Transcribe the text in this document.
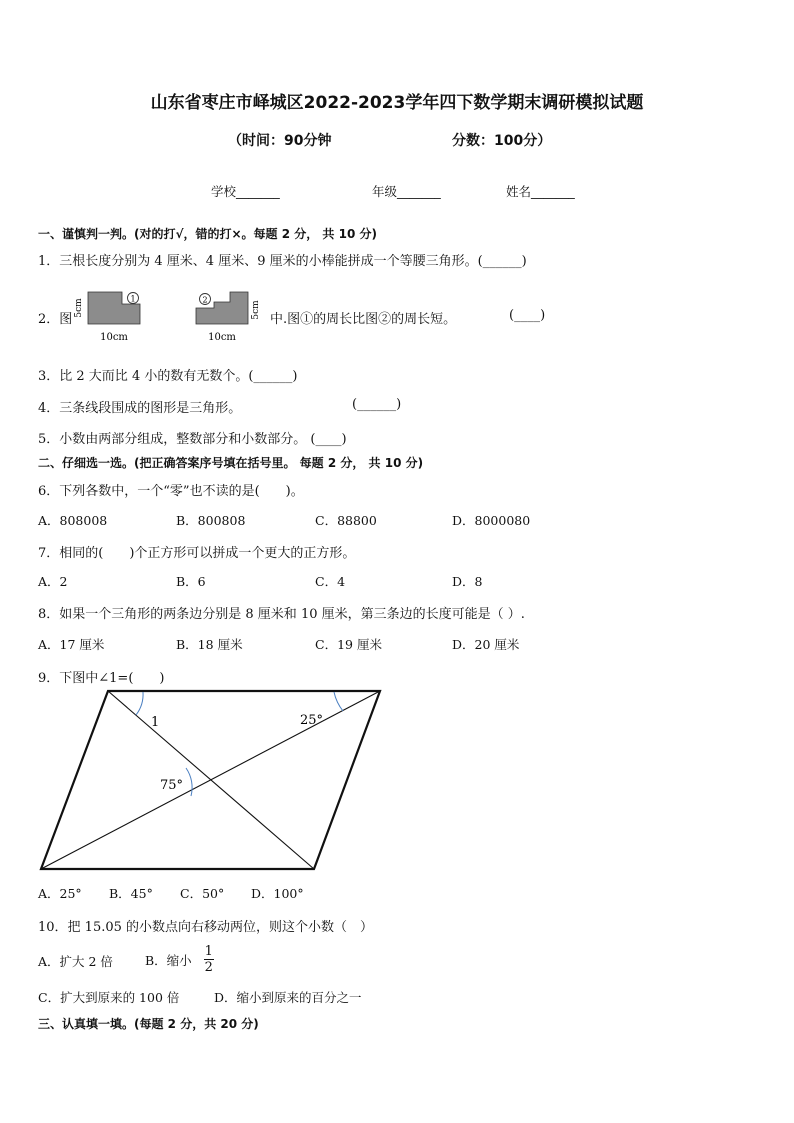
山东省枣庄市峄城区2022-2023学年四下数学期末调研模拟试题
（时间：90分钟	分数：100分）
学校_______	年级_______	姓名_______
一、谨慎判一判。(对的打√，错的打×。每题 2 分， 共 10 分)
1．三根长度分别为 4 厘米、4 厘米、9 厘米的小棒能拼成一个等腰三角形。(______)
2．图
1
5cm
10cm
2
5cm
10cm
中.图①的周长比图②的周长短。	(____)
3．比 2 大而比 4 小的数有无数个。(______)
4．三条线段围成的图形是三角形。	(______)
5．小数由两部分组成，整数部分和小数部分。 (____)
二、仔细选一选。(把正确答案序号填在括号里。 每题 2 分， 共 10 分)
6．下列各数中，一个“零”也不读的是(　　)。
A．808008	B．800808	C．88800	D．8000080
7．相同的(　　)个正方形可以拼成一个更大的正方形。
A．2	B．6	C．4	D．8
8．如果一个三角形的两条边分别是 8 厘米和 10 厘米，第三条边的长度可能是（ ）.
A．17 厘米	B．18 厘米	C．19 厘米	D．20 厘米
9．下图中∠1=(　　)
1	25°
75°
A．25° B．45° C．50° D．100°
10．把 15.05 的小数点向右移动两位，则这个小数（　）
A．扩大 2 倍	B．缩小 $\frac{1}{2}$
C．扩大到原来的 100 倍	D．缩小到原来的百分之一
三、认真填一填。(每题 2 分，共 20 分)
